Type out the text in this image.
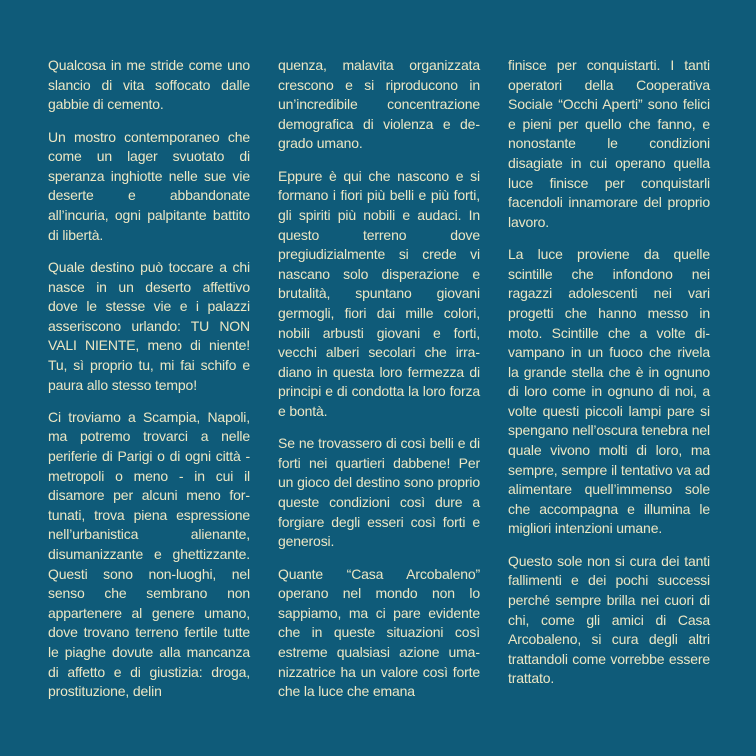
Qualcosa in me stride come uno slancio di vita soffocato dalle gabbie di cemento.

Un mostro contemporaneo che come un lager svuotato di speranza inghiotte nelle sue vie deserte e abbandonate all’incuria, ogni palpitante battito di libertà.

Quale destino può toccare a chi nasce in un deserto affettivo dove le stesse vie e i palazzi asseriscono urlando: TU NON VALI NIENTE, meno di niente! Tu, sì proprio tu, mi fai schifo e paura allo stesso tempo!

Ci troviamo a Scampia, Napoli, ma potremo trovarci a nelle periferie di Parigi o di ogni città - metropoli o meno - in cui il disamore per alcuni meno fortunati, trova piena espressione nell’urbanistica alienante, disumanizzante e ghettizzante. Questi sono non-luoghi, nel senso che sembrano non appartenere al genere umano, dove trovano terreno fertile tutte le piaghe dovute alla mancanza di affetto e di giustizia: droga, prostituzione, delin

quenza, malavita organizzata crescono e si riproducono in un’incredibile concentrazione demografica di violenza e degrado umano.

Eppure è qui che nascono e si formano i fiori più belli e più forti, gli spiriti più nobili e audaci. In questo terreno dove pregiudizialmente si crede vi nascano solo disperazione e brutalità, spuntano giovani germogli, fiori dai mille colori, nobili arbusti giovani e forti, vecchi alberi secolari che irradiano in questa loro fermezza di principi e di condotta la loro forza e bontà.

Se ne trovassero di così belli e di forti nei quartieri dabbene! Per un gioco del destino sono proprio queste condizioni così dure a forgiare degli esseri così forti e generosi.

Quante “Casa Arcobaleno” operano nel mondo non lo sappiamo, ma ci pare evidente che in queste situazioni così estreme qualsiasi azione umanizzatrice ha un valore così forte che la luce che emana

finisce per conquistarti. I tanti operatori della Cooperativa Sociale “Occhi Aperti” sono felici e pieni per quello che fanno, e nonostante le condizioni disagiate in cui operano quella luce finisce per conquistarli facendoli innamorare del proprio lavoro.

La luce proviene da quelle scintille che infondono nei ragazzi adolescenti nei vari progetti che hanno messo in moto. Scintille che a volte divampano in un fuoco che rivela la grande stella che è in ognuno di loro come in ognuno di noi, a volte questi piccoli lampi pare si spengano nell’oscura tenebra nel quale vivono molti di loro, ma sempre, sempre il tentativo va ad alimentare quell’immenso sole che accompagna e illumina le migliori intenzioni umane.

Questo sole non si cura dei tanti fallimenti e dei pochi successi perché sempre brilla nei cuori di chi, come gli amici di Casa Arcobaleno, si cura degli altri trattandoli come vorrebbe essere trattato.
